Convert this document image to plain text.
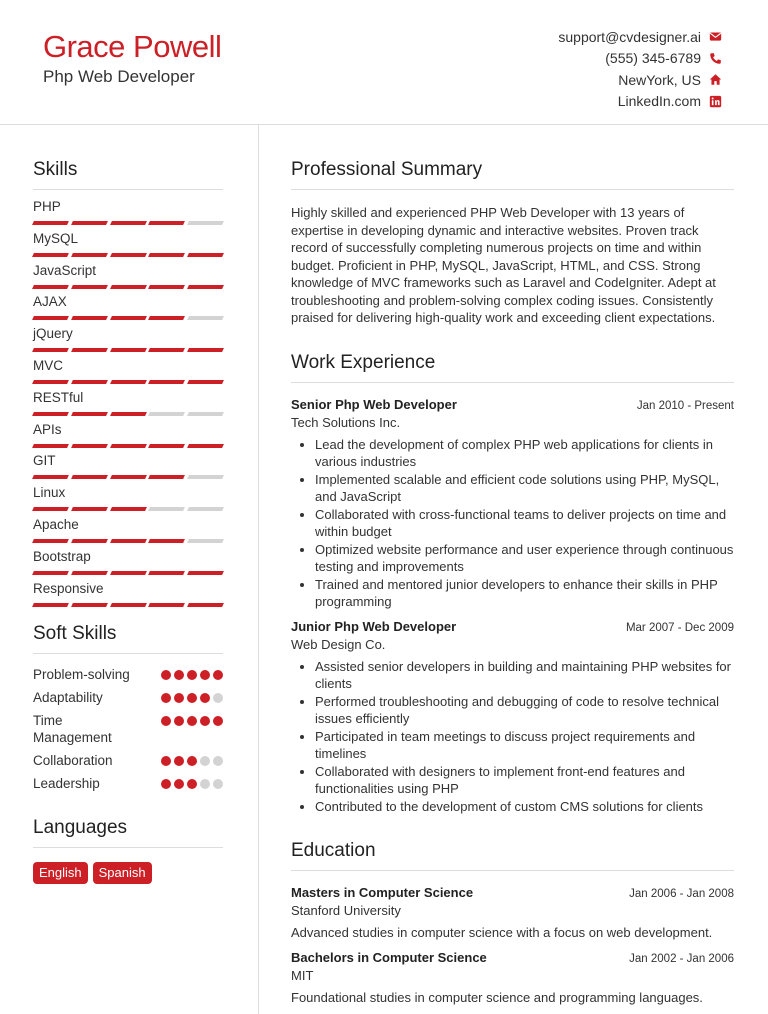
Grace Powell
Php Web Developer
support@cvdesigner.ai
(555) 345-6789
NewYork, US
LinkedIn.com
Skills
PHP
MySQL
JavaScript
AJAX
jQuery
MVC
RESTful
APIs
GIT
Linux
Apache
Bootstrap
Responsive
Soft Skills
Problem-solving
Adaptability
Time Management
Collaboration
Leadership
Languages
English	Spanish
Professional Summary
Highly skilled and experienced PHP Web Developer with 13 years of expertise in developing dynamic and interactive websites. Proven track record of successfully completing numerous projects on time and within budget. Proficient in PHP, MySQL, JavaScript, HTML, and CSS. Strong knowledge of MVC frameworks such as Laravel and CodeIgniter. Adept at troubleshooting and problem-solving complex coding issues. Consistently praised for delivering high-quality work and exceeding client expectations.
Work Experience
Senior Php Web Developer	Jan 2010 - Present
Tech Solutions Inc.
• Lead the development of complex PHP web applications for clients in various industries
• Implemented scalable and efficient code solutions using PHP, MySQL, and JavaScript
• Collaborated with cross-functional teams to deliver projects on time and within budget
• Optimized website performance and user experience through continuous testing and improvements
• Trained and mentored junior developers to enhance their skills in PHP programming
Junior Php Web Developer	Mar 2007 - Dec 2009
Web Design Co.
• Assisted senior developers in building and maintaining PHP websites for clients
• Performed troubleshooting and debugging of code to resolve technical issues efficiently
• Participated in team meetings to discuss project requirements and timelines
• Collaborated with designers to implement front-end features and functionalities using PHP
• Contributed to the development of custom CMS solutions for clients
Education
Masters in Computer Science	Jan 2006 - Jan 2008
Stanford University
Advanced studies in computer science with a focus on web development.
Bachelors in Computer Science	Jan 2002 - Jan 2006
MIT
Foundational studies in computer science and programming languages.
